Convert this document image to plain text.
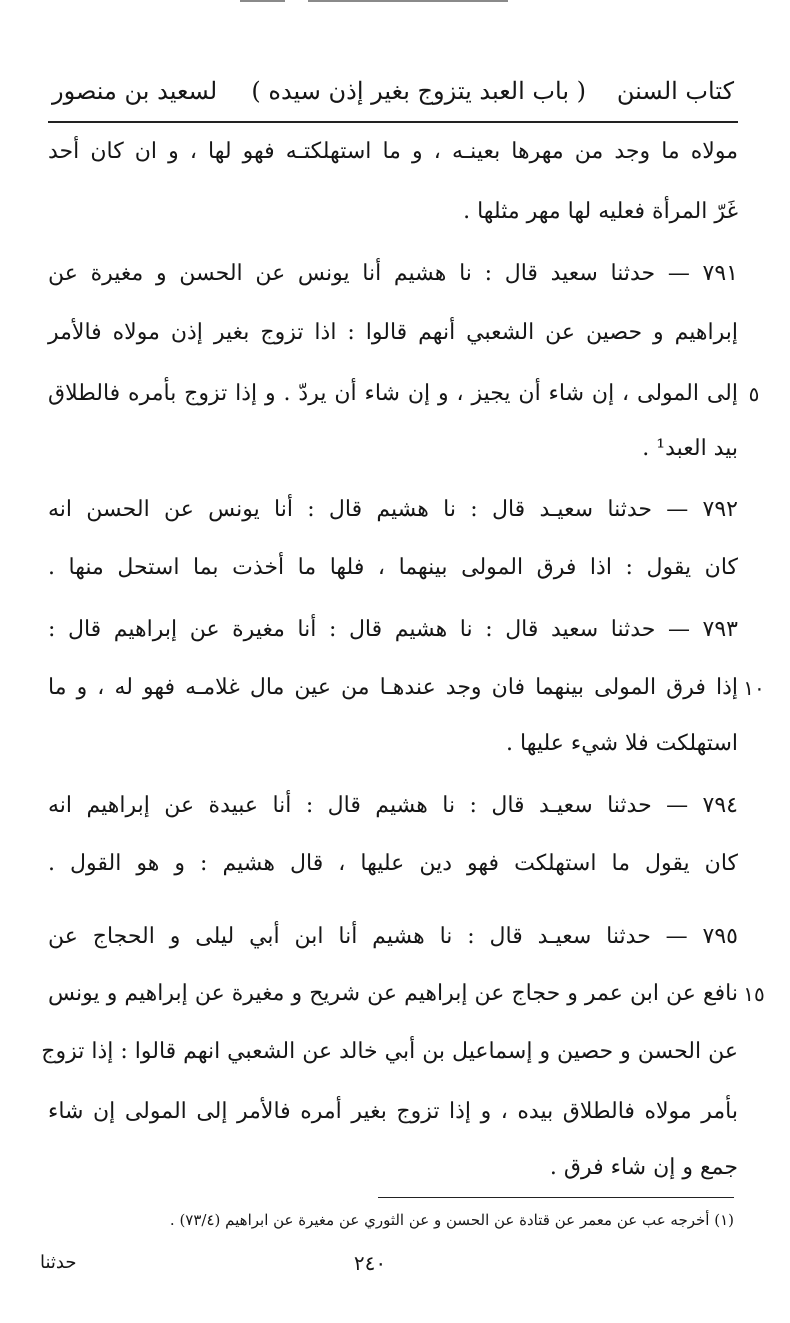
كتاب السنن
( باب العبد يتزوج بغير إذن سيده )
لسعيد بن منصور
مولاه ما وجد من مهرها بعينـه ، و ما استهلكتـه فهو لها ، و ان كان أحد
غَرّ المرأة فعليه لها مهر مثلها .
٧٩١ — حدثنا سعيد قال : نا هشيم أنا يونس عن الحسن و مغيرة عن
إبراهيم و حصين عن الشعبي أنهم قالوا : اذا تزوج بغير إذن مولاه فالأمر
إلى المولى ، إن شاء أن يجيز ، و إن شاء أن يردّ . و إذا تزوج بأمره فالطلاق
بيد العبد¹ .
٧٩٢ — حدثنا سعيـد قال : نا هشيم قال : أنا يونس عن الحسن انه
كان يقول : اذا فرق المولى بينهما ، فلها ما أخذت بما استحل منها .
٧٩٣ — حدثنا سعيد قال : نا هشيم قال : أنا مغيرة عن إبراهيم قال :
إذا فرق المولى بينهما فان وجد عندهـا من عين مال غلامـه فهو له ، و ما
استهلكت فلا شيء عليها .
٧٩٤ — حدثنا سعيـد قال : نا هشيم قال : أنا عبيدة عن إبراهيم انه
كان يقول ما استهلكت فهو دين عليها ، قال هشيم : و هو القول .
٧٩٥ — حدثنا سعيـد قال : نا هشيم أنا ابن أبي ليلى و الحجاج عن
نافع عن ابن عمر و حجاج عن إبراهيم عن شريح و مغيرة عن إبراهيم و يونس
عن الحسن و حصين و إسماعيل بن أبي خالد عن الشعبي انهم قالوا : إذا تزوج
بأمر مولاه فالطلاق بيده ، و إذا تزوج بغير أمره فالأمر إلى المولى إن شاء
جمع و إن شاء فرق .
٥
١٠
١٥
(١) أخرجه عب عن معمر عن قتادة عن الحسن و عن الثوري عن مغيرة عن ابراهيم (٧٣/٤) .
٢٤٠
حدثنا
